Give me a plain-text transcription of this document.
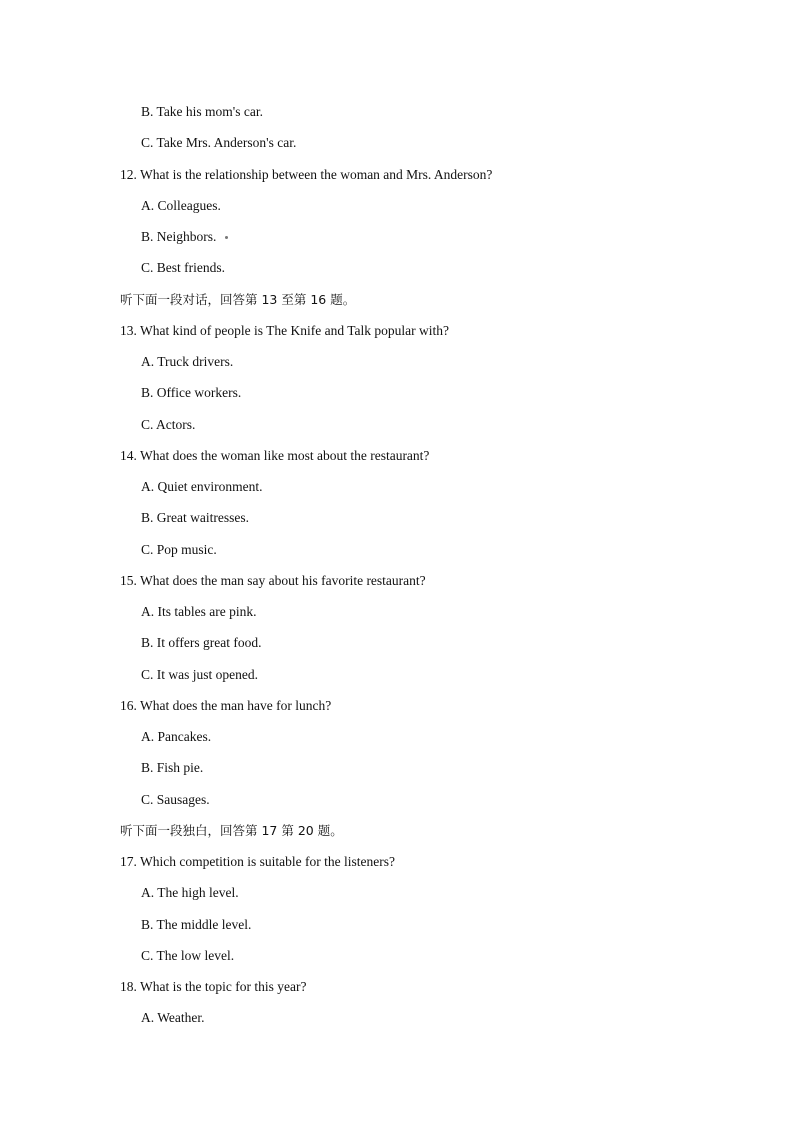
B. Take his mom's car.
C. Take Mrs. Anderson's car.
12. What is the relationship between the woman and Mrs. Anderson?
A. Colleagues.
B. Neighbors.
C. Best friends.
听下面一段对话，回答第 13 至第 16 题。
13. What kind of people is The Knife and Talk popular with?
A. Truck drivers.
B. Office workers.
C. Actors.
14. What does the woman like most about the restaurant?
A. Quiet environment.
B. Great waitresses.
C. Pop music.
15. What does the man say about his favorite restaurant?
A. Its tables are pink.
B. It offers great food.
C. It was just opened.
16. What does the man have for lunch?
A. Pancakes.
B. Fish pie.
C. Sausages.
听下面一段独白，回答第 17 第 20 题。
17. Which competition is suitable for the listeners?
A. The high level.
B. The middle level.
C. The low level.
18. What is the topic for this year?
A. Weather.
